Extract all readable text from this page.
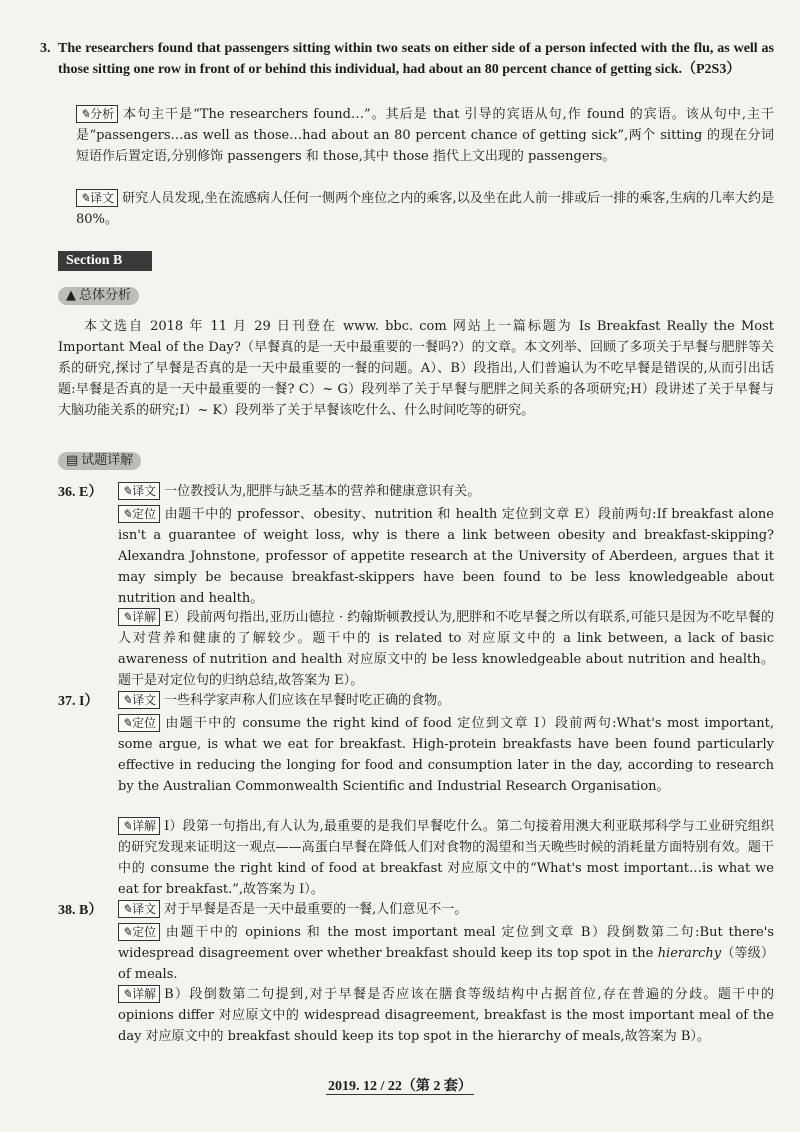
3. The researchers found that passengers sitting within two seats on either side of a person infected with the flu, as well as those sitting one row in front of or behind this individual, had about an 80 percent chance of getting sick.（P2S3）
✎分析 本句主干是“The researchers found…”。其后是 that 引导的宾语从句,作 found 的宾语。该从句中,主干是“passengers…as well as those…had about an 80 percent chance of getting sick”,两个 sitting 的现在分词短语作后置定语,分别修饰 passengers 和 those,其中 those 指代上文出现的 passengers。
✎译文 研究人员发现,坐在流感病人任何一侧两个座位之内的乘客,以及坐在此人前一排或后一排的乘客,生病的几率大约是 80%。
Section B
▲ 总体分析
本文选自 2018 年 11 月 29 日刊登在 www. bbc. com 网站上一篇标题为 Is Breakfast Really the Most Important Meal of the Day?（早餐真的是一天中最重要的一餐吗?）的文章。本文列举、回顾了多项关于早餐与肥胖等关系的研究,探讨了早餐是否真的是一天中最重要的一餐的问题。A）、B）段指出,人们普遍认为不吃早餐是错误的,从而引出话题:早餐是否真的是一天中最重要的一餐? C）~ G）段列举了关于早餐与肥胖之间关系的各项研究;H）段讲述了关于早餐与大脑功能关系的研究;I）~ K）段列举了关于早餐该吃什么、什么时间吃等的研究。
▤ 试题详解
36. E）	✎译文 一位教授认为,肥胖与缺乏基本的营养和健康意识有关。
✎定位 由题干中的 professor、obesity、nutrition 和 health 定位到文章 E）段前两句:If breakfast alone isn't a guarantee of weight loss, why is there a link between obesity and breakfast-skipping? Alexandra Johnstone, professor of appetite research at the University of Aberdeen, argues that it may simply be because breakfast-skippers have been found to be less knowledgeable about nutrition and health。
✎详解 E）段前两句指出,亚历山德拉 · 约翰斯顿教授认为,肥胖和不吃早餐之所以有联系,可能只是因为不吃早餐的人对营养和健康的了解较少。题干中的 is related to 对应原文中的 a link between, a lack of basic awareness of nutrition and health 对应原文中的 be less knowledgeable about nutrition and health。题干是对定位句的归纳总结,故答案为 E）。
37. I）	✎译文 一些科学家声称人们应该在早餐时吃正确的食物。
✎定位 由题干中的 consume the right kind of food 定位到文章 I）段前两句:What's most important, some argue, is what we eat for breakfast. High-protein breakfasts have been found particularly effective in reducing the longing for food and consumption later in the day, according to research by the Australian Commonwealth Scientific and Industrial Research Organisation。
✎详解 I）段第一句指出,有人认为,最重要的是我们早餐吃什么。第二句接着用澳大利亚联邦科学与工业研究组织的研究发现来证明这一观点——高蛋白早餐在降低人们对食物的渴望和当天晚些时候的消耗量方面特别有效。题干中的 consume the right kind of food at breakfast 对应原文中的“What's most important…is what we eat for breakfast.”,故答案为 I）。
38. B）	✎译文 对于早餐是否是一天中最重要的一餐,人们意见不一。
✎定位 由题干中的 opinions 和 the most important meal 定位到文章 B）段倒数第二句:But there's widespread disagreement over whether breakfast should keep its top spot in the hierarchy（等级）of meals.
✎详解 B）段倒数第二句提到,对于早餐是否应该在膳食等级结构中占据首位,存在普遍的分歧。题干中的 opinions differ 对应原文中的 widespread disagreement, breakfast is the most important meal of the day 对应原文中的 breakfast should keep its top spot in the hierarchy of meals,故答案为 B）。
2019. 12 / 22（第 2 套）
